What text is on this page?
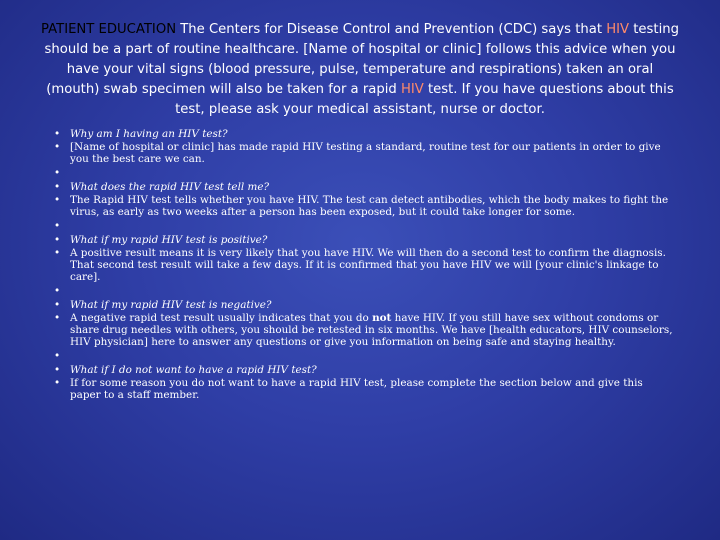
PATIENT EDUCATION The Centers for Disease Control and Prevention (CDC) says that HIV testing should be a part of routine healthcare. [Name of hospital or clinic] follows this advice when you have your vital signs (blood pressure, pulse, temperature and respirations) taken an oral (mouth) swab specimen will also be taken for a rapid HIV test. If you have questions about this test, please ask your medical assistant, nurse or doctor.
• Why am I having an HIV test?
• [Name of hospital or clinic] has made rapid HIV testing a standard, routine test for our patients in order to give you the best care we can.
•
• What does the rapid HIV test tell me?
• The Rapid HIV test tells whether you have HIV. The test can detect antibodies, which the body makes to fight the virus, as early as two weeks after a person has been exposed, but it could take longer for some.
•
• What if my rapid HIV test is positive?
• A positive result means it is very likely that you have HIV. We will then do a second test to confirm the diagnosis. That second test result will take a few days. If it is confirmed that you have HIV we will [your clinic's linkage to care].
•
• What if my rapid HIV test is negative?
• A negative rapid test result usually indicates that you do not have HIV. If you still have sex without condoms or share drug needles with others, you should be retested in six months. We have [health educators, HIV counselors, HIV physician] here to answer any questions or give you information on being safe and staying healthy.
•
• What if I do not want to have a rapid HIV test?
• If for some reason you do not want to have a rapid HIV test, please complete the section below and give this paper to a staff member.
